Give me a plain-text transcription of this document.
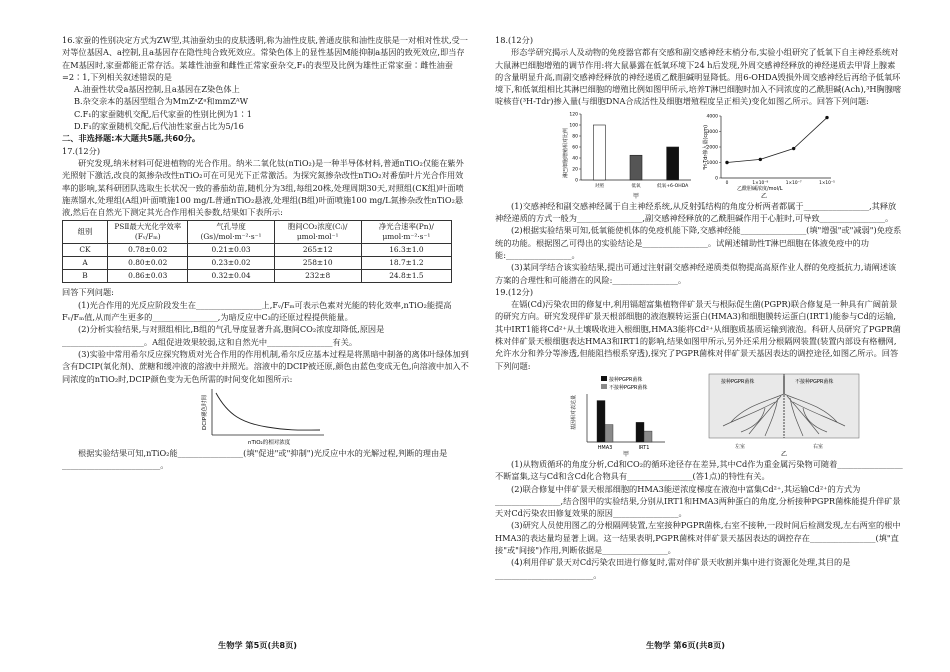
16.家蚕的性别决定方式为ZW型,其油蚕幼虫的皮肤透明,称为油性皮肤,普通皮肤和油性皮肤是一对相对性状,受一对等位基因A、a控制,且a基因存在隐性纯合致死效应。常染色体上的显性基因M能抑制a基因的致死效应,即当存在M基因时,家蚕都能正常存活。某雄性油蚕和雌性正常家蚕杂交,F₁的表型及比例为雄性正常家蚕∶雌性油蚕=2∶1,下列相关叙述错误的是

A.油蚕性状受a基因控制,且a基因在Z染色体上

B.杂交亲本的基因型组合为MmZᵃZᵃ和mmZᴬW

C.F₁的家蚕随机交配,后代家蚕的性别比例为1∶1

D.F₁的家蚕随机交配,后代油性家蚕占比为5/16

二、非选择题:本大题共5题,共60分。

17.(12分)

研究发现,纳米材料可促进植物的光合作用。纳米二氧化钛(nTiO₂)是一种半导体材料,普通nTiO₂仅能在紫外光照射下激活,改良的氮掺杂改性nTiO₂可在可见光下正常激活。为探究氮掺杂改性nTiO₂对番茄叶片光合作用效率的影响,某科研团队选取生长状况一致的番茄幼苗,随机分为3组,每组20株,处理周期30天,对照组(CK组)叶面喷施蒸馏水,处理组(A组)叶面喷施100 mg/L普通nTiO₂悬液,处理组(B组)叶面喷施100 mg/L氮掺杂改性nTiO₂悬液,然后在自然光下测定其光合作用相关参数,结果如下表所示:

组别	PSⅡ最大光化学效率(Fᵥ/Fₘ)	气孔导度(Gs)/mol·m⁻²·s⁻¹	胞间CO₂浓度(Cᵢ)/μmol·mol⁻¹	净光合速率(Pn)/μmol·m⁻²·s⁻¹
CK	0.78±0.02	0.21±0.03	265±12	16.3±1.0
A	0.80±0.02	0.23±0.02	258±10	18.7±1.2
B	0.86±0.03	0.32±0.04	232±8	24.8±1.5

回答下列问题:

(1)光合作用的光反应阶段发生在________________上,Fᵥ/Fₘ可表示色素对光能的转化效率,nTiO₂能提高Fᵥ/Fₘ值,从而产生更多的________________,为暗反应中C₃的还原过程提供能量。

(2)分析实验结果,与对照组相比,B组的气孔导度显著升高,胞间CO₂浓度却降低,原因是____________________。A组促进效果较弱,这和自然光中________________有关。

(3)实验中常用希尔反应探究物质对光合作用的作用机制,希尔反应基本过程是将黑暗中制备的离体叶绿体加到含有DCIP(氧化剂)、蔗糖和缓冲液的溶液中并照光。溶液中的DCIP被还原,颜色由蓝色变成无色,向溶液中加入不同浓度的nTiO₂时,DCIP颜色变为无色所需的时间变化如图所示:

DCIP褪色时间
nTiO₂的相对浓度

根据实验结果可知,nTiO₂能________________(填"促进"或"抑制")光反应中水的光解过程,判断的理由是________________________。

生物学 第5页(共8页)

18.(12分)

形态学研究揭示人及动物的免疫器官都有交感和副交感神经末梢分布,实验小组研究了低氧下自主神经系统对大鼠淋巴细胞增殖的调节作用:将大鼠暴露在低氧环境下24 h后发现,外周交感神经释放的神经递质去甲肾上腺素的含量明显升高,而副交感神经释放的神经递质乙酰胆碱明显降低。用6-OHDA毁损外周交感神经后再给予低氧环境下,和低氧组相比其淋巴细胞的增殖比例如图甲所示,培养T淋巴细胞时加入不同浓度的乙酰胆碱(Ach),³H胸腺嘧啶核苷(³H-Tdr)掺入量(与细胞DNA合成活性及细胞增殖程度呈正相关)变化如图乙所示。回答下列问题:

淋巴细胞增殖相对比例
甲
0
20
40
60
80
100
120
对照	低氧	低氧+6-OHDA
³H-Tdr掺入量(cpm)
乙酰胆碱浓度/mol/L
乙
0
1000
2000
3000
4000
0	1×10⁻⁹	1×10⁻⁷	1×10⁻⁵

(1)交感神经和副交感神经属于自主神经系统,从反射弧结构的角度分析两者都属于________________,其释放神经递质的方式一般为________________,副交感神经释放的乙酰胆碱作用于心脏时,可导致________________。

(2)根据实验结果可知,低氧能使机体的免疫机能下降,交感神经能________________(填"增强"或"减弱")免疫系统的功能。根据图乙可得出的实验结论是________________。试阐述辅助性T淋巴细胞在体液免疫中的功能:________________。

(3)某同学结合该实验结果,提出可通过注射副交感神经递质类似物提高高原作业人群的免疫抵抗力,请阐述该方案的合理性和可能潜在的风险:________________。

19.(12分)

在镉(Cd)污染农田的修复中,利用镉超富集植物伴矿景天与根际促生菌(PGPR)联合修复是一种具有广阔前景的研究方向。研究发现伴矿景天根部细胞的液泡膜转运蛋白(HMA3)和细胞膜转运蛋白(IRT1)能参与Cd的运输,其中IRT1能将Cd²⁺从土壤吸收进入根细胞,HMA3能将Cd²⁺从细胞质基质运输到液泡。科研人员研究了PGPR菌株对伴矿景天根细胞表达HMA3和IRT1的影响,结果如图甲所示,另外还采用分根隔网装置(装置内部设有格栅网,允许水分和养分等渗透,但能阻挡根系穿透),探究了PGPR菌株对伴矿景天基因表达的调控途径,如图乙所示。回答下列问题:

基因相对表达量
接种PGPR菌株
不接种PGPR菌株
甲
HMA3	IRT1
接种PGPR菌株	不接种PGPR菌株
左室	右室
乙

(1)从物质循环的角度分析,Cd和CO₂的循环途径存在差异,其中Cd作为重金属污染物可随着________________不断富集,这与Cd和含Cd化合物具有________________(答1点)的特性有关。

(2)联合修复中伴矿景天根部细胞的HMA3能逆浓度梯度在液泡中富集Cd²⁺,其运输Cd²⁺的方式为________________,结合图甲的实验结果,分别从IRT1和HMA3两种蛋白的角度,分析接种PGPR菌株能提升伴矿景天对Cd污染农田修复效果的原因________________。

(3)研究人员使用图乙的分根隔网装置,左室接种PGPR菌株,右室不接种,一段时间后检测发现,左右两室的根中HMA3的表达量均显著上调。这一结果表明,PGPR菌株对伴矿景天基因表达的调控存在________________(填"直接"或"间接")作用,判断依据是________________。

(4)利用伴矿景天对Cd污染农田进行修复时,需对伴矿景天收割并集中进行资源化处理,其目的是________________________。

生物学 第6页(共8页)
